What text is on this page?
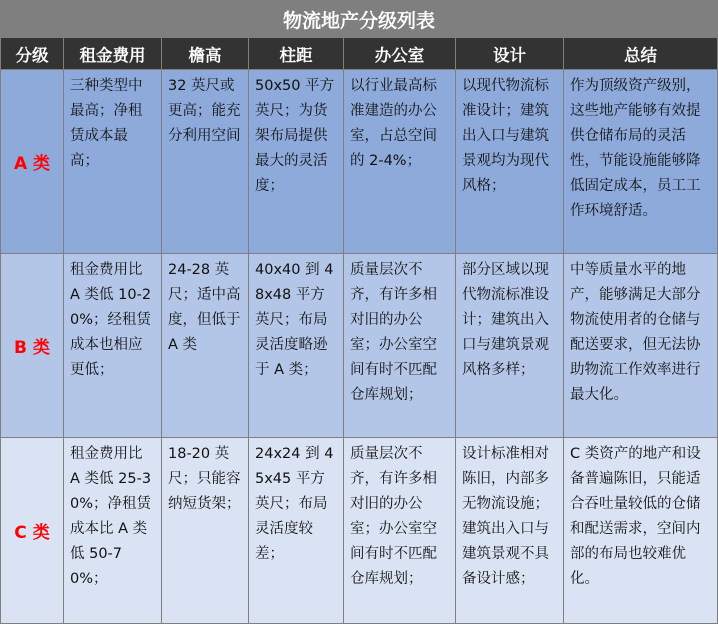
物流地产分级列表						
分级	租金费用	檐高	柱距	办公室	设计	总结
A 类	三种类型中最高；净租赁成本最高；	32 英尺或更高；能充分利用空间	50x50 平方英尺；为货架布局提供最大的灵活度；	以行业最高标准建造的办公室，占总空间的 2-4%；	以现代物流标准设计；建筑出入口与建筑景观均为现代风格；	作为顶级资产级别，这些地产能够有效提供仓储布局的灵活性，节能设施能够降低固定成本，员工工作环境舒适。

B 类	租金费用比 A 类低 10-20%；经租赁成本也相应更低；	24-28 英尺；适中高度，但低于 A 类	40x40 到 48x48 平方英尺；布局灵活度略逊于 A 类；	质量层次不齐，有许多相对旧的办公室；办公室空间有时不匹配仓库规划；	部分区域以现代物流标准设计；建筑出入口与建筑景观风格多样；	中等质量水平的地产，能够满足大部分物流使用者的仓储与配送要求，但无法协助物流工作效率进行最大化。

C 类	租金费用比 A 类低 25-30%；净租赁成本比 A 类低 50-70%；	18-20 英尺；只能容纳短货架；	24x24 到 45x45 平方英尺；布局灵活度较差；	质量层次不齐，有许多相对旧的办公室；办公室空间有时不匹配仓库规划；	设计标准相对陈旧，内部多无物流设施；建筑出入口与建筑景观不具备设计感；	C 类资产的地产和设备普遍陈旧，只能适合吞吐量较低的仓储和配送需求，空间内部的布局也较难优化。
